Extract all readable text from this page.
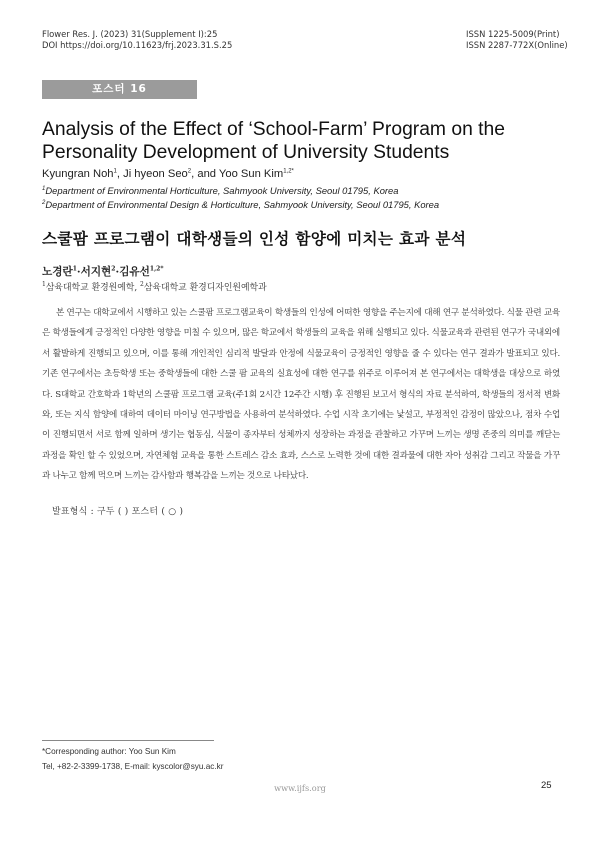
Flower Res. J. (2023) 31(Supplement Ⅰ):25
DOI https://doi.org/10.11623/frj.2023.31.S.25
ISSN 1225-5009(Print)
ISSN 2287-772X(Online)
포스터 16
Analysis of the Effect of ‘School-Farm’ Program on the Personality Development of University Students
Kyungran Noh$^1$, Ji hyeon Seo$^2$, and Yoo Sun Kim$^{1,2*}$
$^1$Department of Environmental Horticulture, Sahmyook University, Seoul 01795, Korea
$^2$Department of Environmental Design & Horticulture, Sahmyook University, Seoul 01795, Korea
스쿨팜 프로그램이 대학생들의 인성 함양에 미치는 효과 분석
노경란$^1$·서지현$^2$·김유선$^{1,2*}$
$^1$삼육대학교 환경원예학, $^2$삼육대학교 환경디자인원예학과
본 연구는 대학교에서 시행하고 있는 스쿨팜 프로그램교육이 학생들의 인성에 어떠한 영향을 주는지에 대해 연구 분석하였다. 식물 관련 교육은 학생들에게 긍정적인 다양한 영향을 미칠 수 있으며, 많은 학교에서 학생들의 교육을 위해 실행되고 있다. 식물교육과 관련된 연구가 국내외에서 활발하게 진행되고 있으며, 이를 통해 개인적인 심리적 발달과 안정에 식물교육이 긍정적인 영향을 줄 수 있다는 연구 결과가 발표되고 있다. 기존 연구에서는 초등학생 또는 중학생들에 대한 스쿨 팜 교육의 실효성에 대한 연구를 위주로 이루어져 본 연구에서는 대학생을 대상으로 하였다. S대학교 간호학과 1학년의 스쿨팜 프로그램 교육(주1회 2시간 12주간 시행) 후 진행된 보고서 형식의 자료 분석하여, 학생들의 정서적 변화와, 또는 지식 함양에 대하여 데이터 마이닝 연구방법을 사용하여 분석하였다. 수업 시작 초기에는 낯설고, 부정적인 감정이 많았으나, 점차 수업이 진행되면서 서로 함께 일하며 생기는 협동심, 식물이 종자부터 성체까지 성장하는 과정을 관찰하고 가꾸며 느끼는 생명 존중의 의미를 깨닫는 과정을 확인 할 수 있었으며, 자연체험 교육을 통한 스트레스 감소 효과, 스스로 노력한 것에 대한 결과물에 대한 자아 성취감 그리고 작물을 가꾸과 나누고 함께 먹으며 느끼는 감사함과 행복감을 느끼는 것으로 나타났다.
발표형식 : 구두 ( ) 포스터 ( ○ )
*Corresponding author: Yoo Sun Kim
Tel, +82-2-3399-1738, E-mail: kyscolor@syu.ac.kr
www.ijfs.org	25
